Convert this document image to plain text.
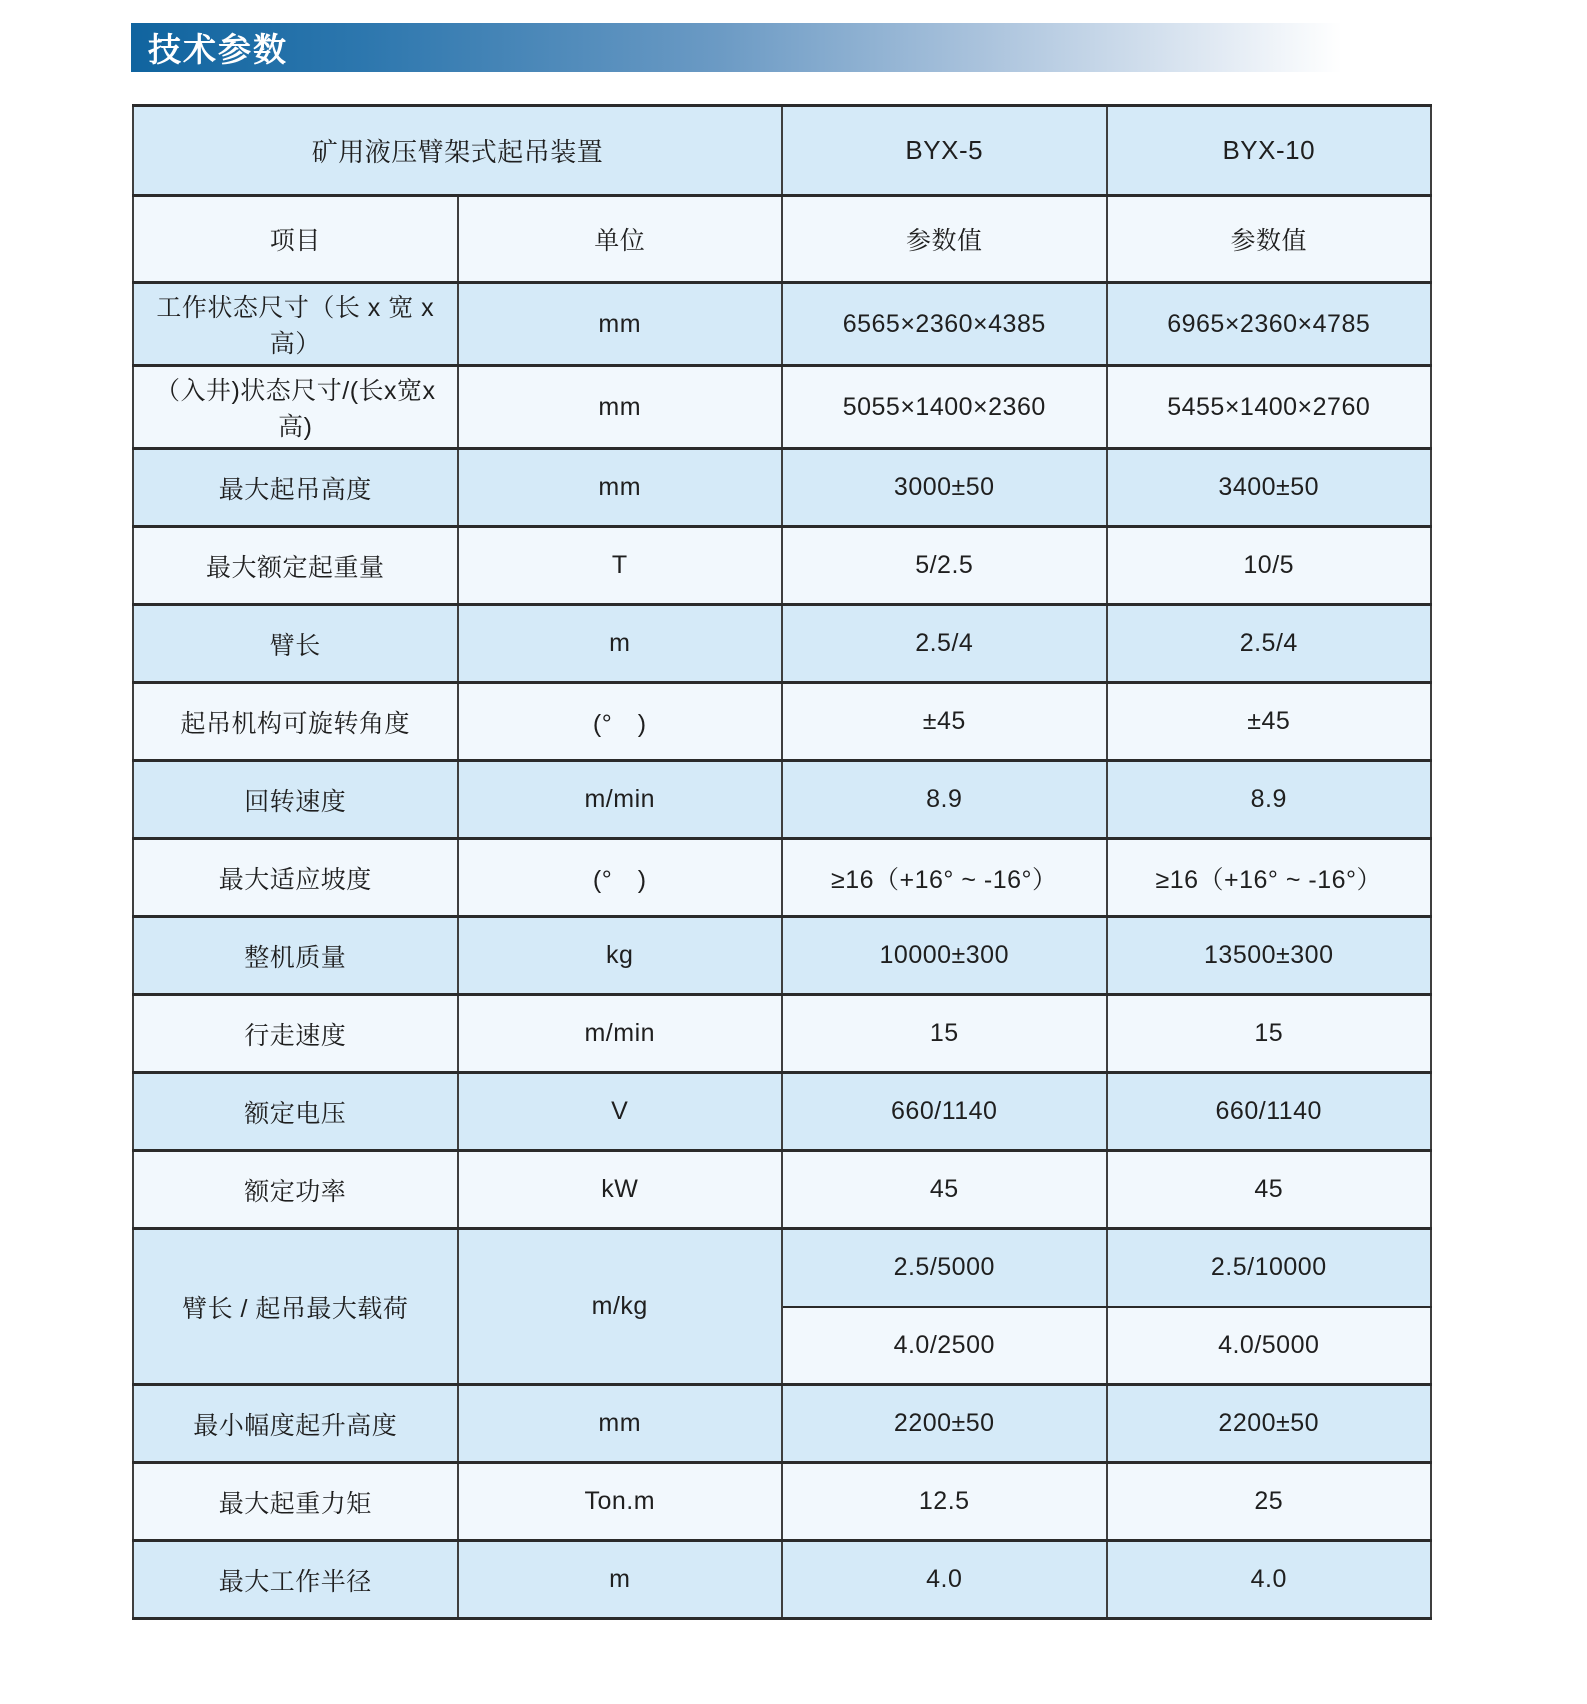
技术参数
矿用液压臂架式起吊装置		BYX-5	BYX-10
项目	单位	参数值	参数值
工作状态尺寸（长 x 宽 x 高）	mm	6565×2360×4385	6965×2360×4785
（入井)状态尺寸/(长x宽x高)	mm	5055×1400×2360	5455×1400×2760
最大起吊高度	mm	3000±50	3400±50
最大额定起重量	T	5/2.5	10/5
臂长	m	2.5/4	2.5/4
起吊机构可旋转角度	(°　)	±45	±45
回转速度	m/min	8.9	8.9
最大适应坡度	(°　)	≥16（+16° ~ -16°）	≥16（+16° ~ -16°）
整机质量	kg	10000±300	13500±300
行走速度	m/min	15	15
额定电压	V	660/1140	660/1140
额定功率	kW	45	45
臂长 / 起吊最大载荷	m/kg	2.5/5000	2.5/10000
		4.0/2500	4.0/5000
最小幅度起升高度	mm	2200±50	2200±50
最大起重力矩	Ton.m	12.5	25
最大工作半径	m	4.0	4.0
